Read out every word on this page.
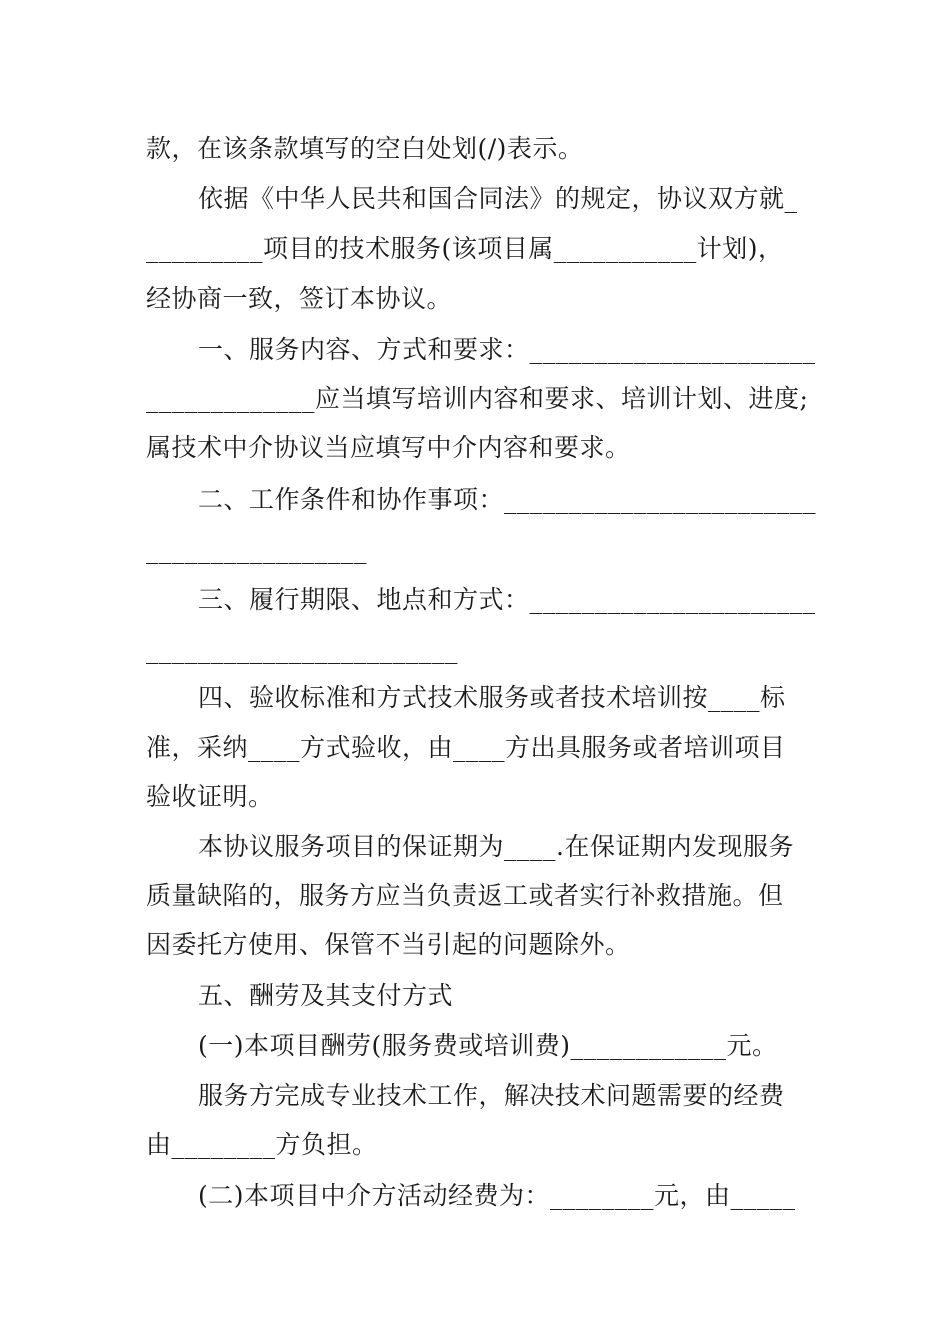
款，在该条款填写的空白处划(/)表示。
依据《中华人民共和国合同法》的规定，协议双方就_
_________项目的技术服务(该项目属___________计划)，
经协商一致，签订本协议。
一、服务内容、方式和要求：______________________
_____________应当填写培训内容和要求、培训计划、进度;
属技术中介协议当应填写中介内容和要求。
二、工作条件和协作事项：________________________
_________________
三、履行期限、地点和方式：______________________
________________________
四、验收标准和方式技术服务或者技术培训按____标
准，采纳____方式验收，由____方出具服务或者培训项目
验收证明。
本协议服务项目的保证期为____.在保证期内发现服务
质量缺陷的，服务方应当负责返工或者实行补救措施。但
因委托方使用、保管不当引起的问题除外。
五、酬劳及其支付方式
(一)本项目酬劳(服务费或培训费)____________元。
服务方完成专业技术工作，解决技术问题需要的经费
由________方负担。
(二)本项目中介方活动经费为：________元，由_____
